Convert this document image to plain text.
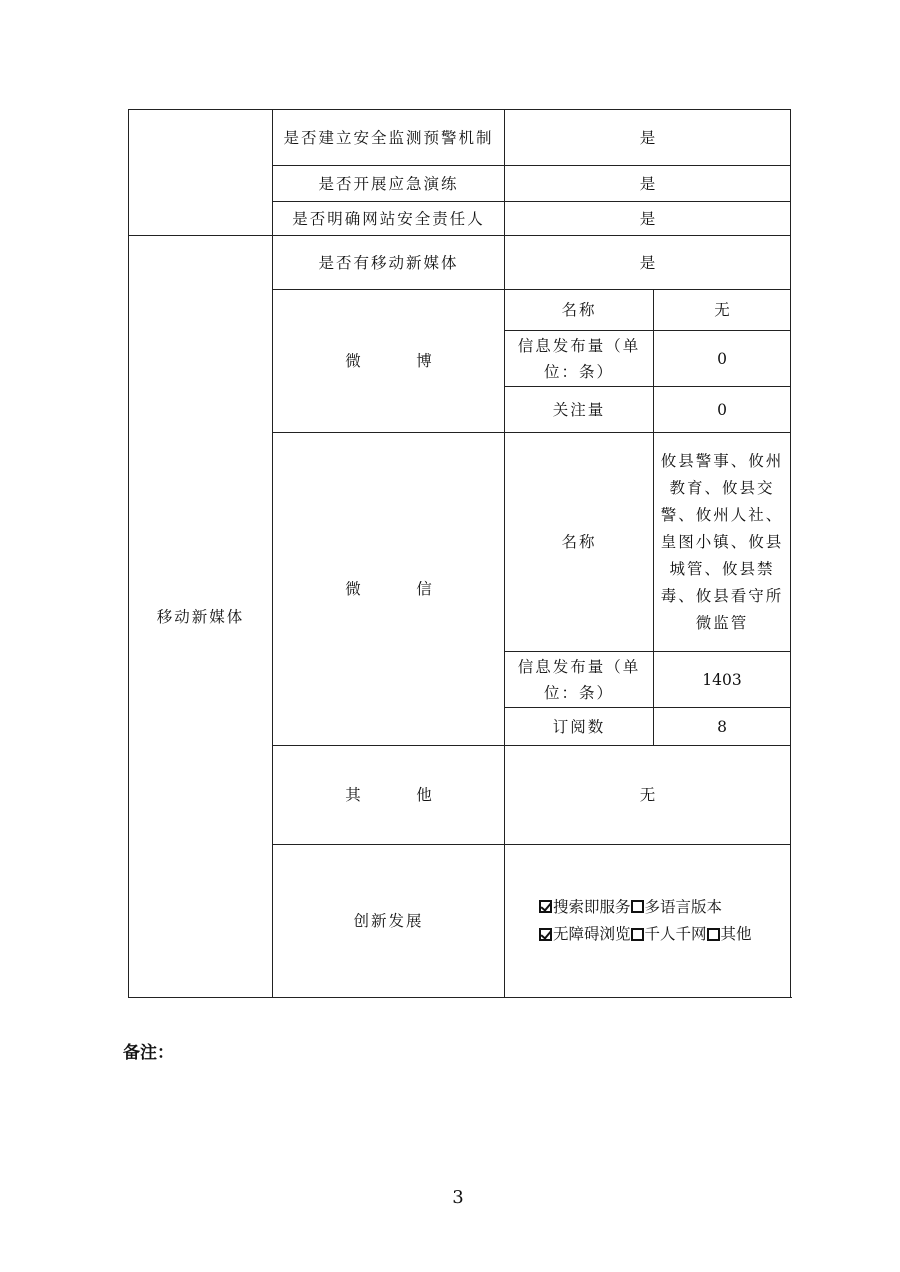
	是否建立安全监测预警机制	是	
	是否开展应急演练	是	
	是否明确网站安全责任人	是	
移动新媒体	是否有移动新媒体	是	
	微　博	名称	无
		信息发布量（单位：条）	0
		关注量	0
	微　信	名称	攸县警事、攸州教育、攸县交警、攸州人社、皇图小镇、攸县城管、攸县禁毒、攸县看守所微监管
		信息发布量（单位：条）	1403
		订阅数	8
	其　他	无	
	创新发展	搜索即服务 多语言版本
无障碍浏览 千人千网 其他	
备注：
3
